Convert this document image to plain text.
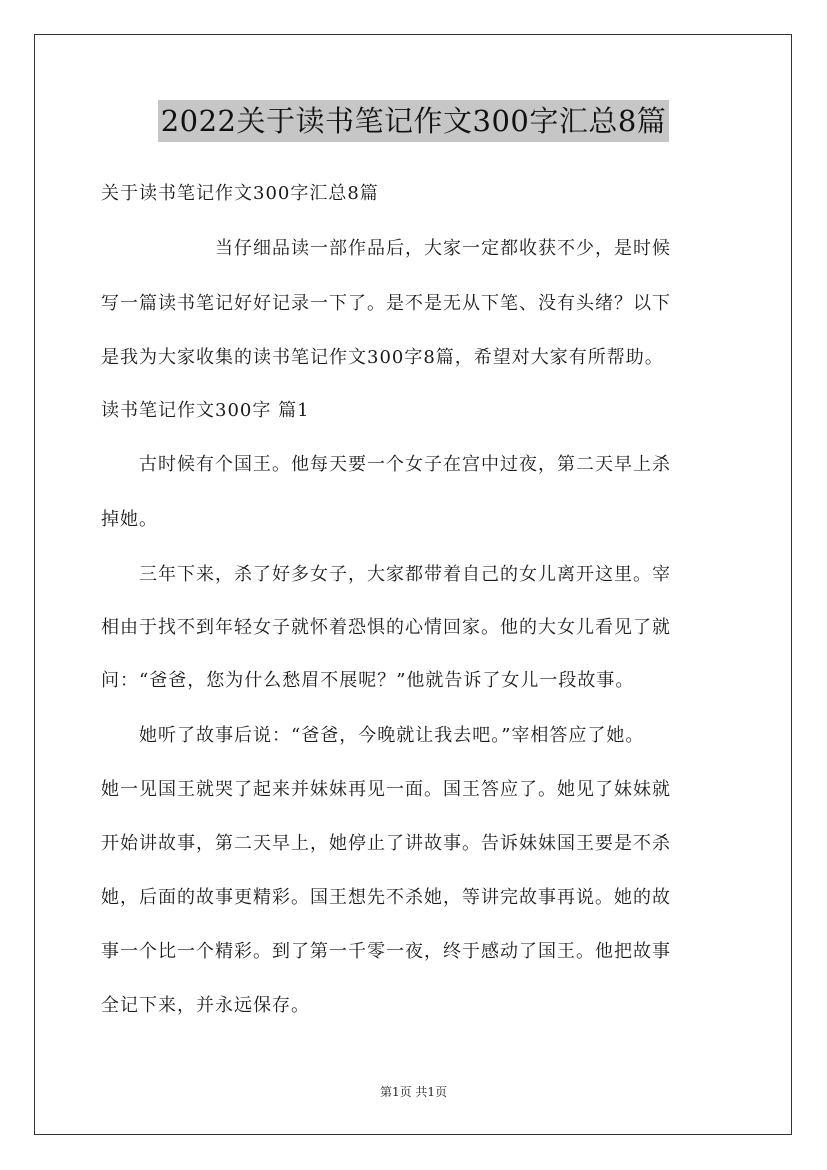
2022关于读书笔记作文300字汇总8篇
关于读书笔记作文300字汇总8篇
　　　　　　当仔细品读一部作品后，大家一定都收获不少，是时候
写一篇读书笔记好好记录一下了。是不是无从下笔、没有头绪？以下
是我为大家收集的读书笔记作文300字8篇，希望对大家有所帮助。
读书笔记作文300字 篇1
　　古时候有个国王。他每天要一个女子在宫中过夜，第二天早上杀
掉她。
　　三年下来，杀了好多女子，大家都带着自己的女儿离开这里。宰
相由于找不到年轻女子就怀着恐惧的心情回家。他的大女儿看见了就
问：“爸爸，您为什么愁眉不展呢？”他就告诉了女儿一段故事。
　　她听了故事后说：“爸爸，今晚就让我去吧。”宰相答应了她。
她一见国王就哭了起来并妹妹再见一面。国王答应了。她见了妹妹就
开始讲故事，第二天早上，她停止了讲故事。告诉妹妹国王要是不杀
她，后面的故事更精彩。国王想先不杀她，等讲完故事再说。她的故
事一个比一个精彩。到了第一千零一夜，终于感动了国王。他把故事
全记下来，并永远保存。
第1页 共1页
